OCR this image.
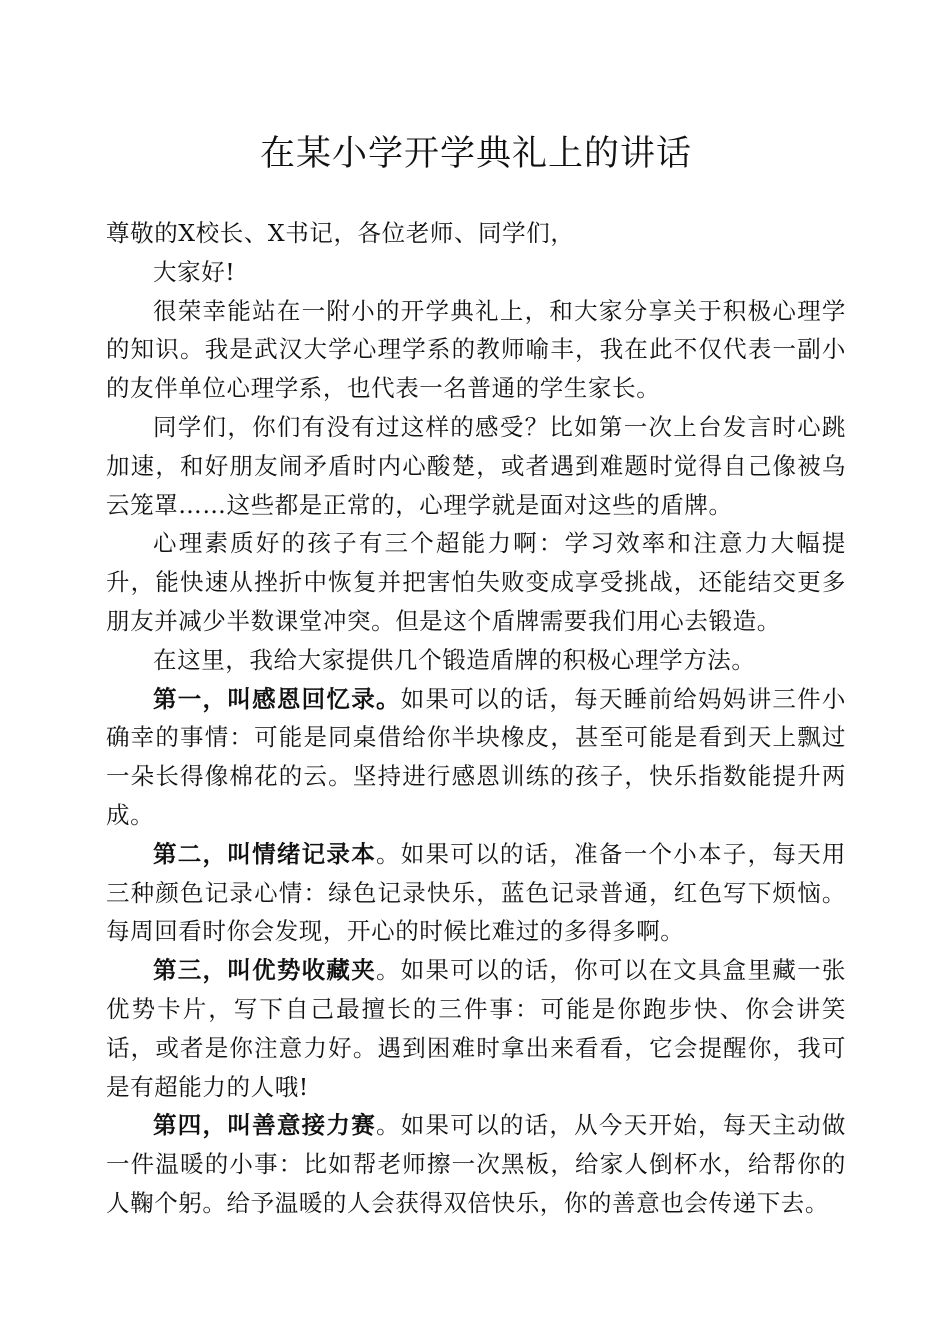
在某小学开学典礼上的讲话

尊敬的X校长、X书记，各位老师、同学们，

大家好!

很荣幸能站在一附小的开学典礼上，和大家分享关于积极心理学的知识。我是武汉大学心理学系的教师喻丰，我在此不仅代表一副小的友伴单位心理学系，也代表一名普通的学生家长。

同学们，你们有没有过这样的感受？比如第一次上台发言时心跳加速，和好朋友闹矛盾时内心酸楚，或者遇到难题时觉得自己像被乌云笼罩……这些都是正常的，心理学就是面对这些的盾牌。

心理素质好的孩子有三个超能力啊：学习效率和注意力大幅提升，能快速从挫折中恢复并把害怕失败变成享受挑战，还能结交更多朋友并减少半数课堂冲突。但是这个盾牌需要我们用心去锻造。

在这里，我给大家提供几个锻造盾牌的积极心理学方法。

第一，叫感恩回忆录。如果可以的话，每天睡前给妈妈讲三件小确幸的事情：可能是同桌借给你半块橡皮，甚至可能是看到天上飘过一朵长得像棉花的云。坚持进行感恩训练的孩子，快乐指数能提升两成。

第二，叫情绪记录本。如果可以的话，准备一个小本子，每天用三种颜色记录心情：绿色记录快乐，蓝色记录普通，红色写下烦恼。每周回看时你会发现，开心的时候比难过的多得多啊。

第三，叫优势收藏夹。如果可以的话，你可以在文具盒里藏一张优势卡片，写下自己最擅长的三件事：可能是你跑步快、你会讲笑话，或者是你注意力好。遇到困难时拿出来看看，它会提醒你，我可是有超能力的人哦!

第四，叫善意接力赛。如果可以的话，从今天开始，每天主动做一件温暖的小事：比如帮老师擦一次黑板，给家人倒杯水，给帮你的人鞠个躬。给予温暖的人会获得双倍快乐，你的善意也会传递下去。
